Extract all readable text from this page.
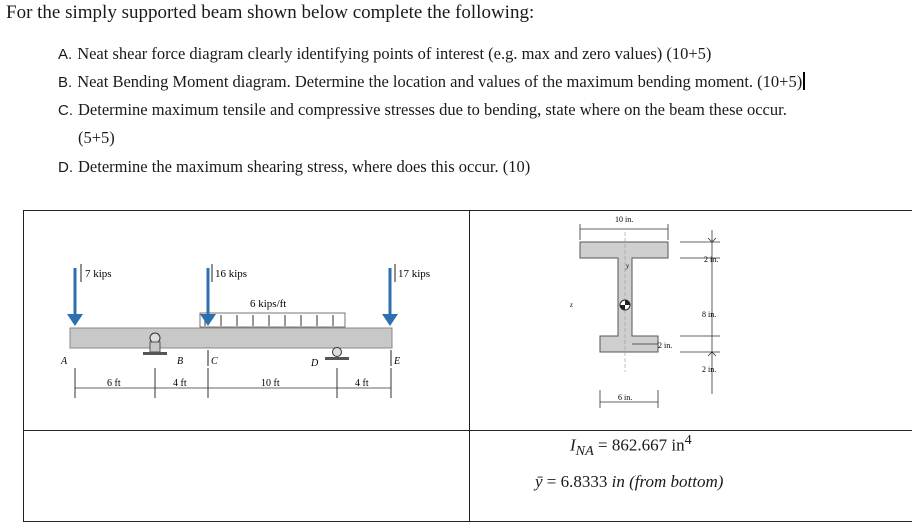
For the simply supported beam shown below complete the following:
A. Neat shear force diagram clearly identifying points of interest (e.g. max and zero values) (10+5)
B. Neat Bending Moment diagram. Determine the location and values of the maximum bending moment. (10+5)
C. Determine maximum tensile and compressive stresses due to bending, state where on the beam these occur.
(5+5)
D. Determine the maximum shearing stress, where does this occur. (10)
7 kips	16 kips	17 kips
6 kips/ft
A	B	C	D	E
6 ft	4 ft	10 ft	4 ft
10 in.
y
z
2 in.
8 in.
2 in.
2 in.
6 in.
$I_{NA} = 862.667$ $in^4$
ȳ = 6.8333 in (from bottom)
